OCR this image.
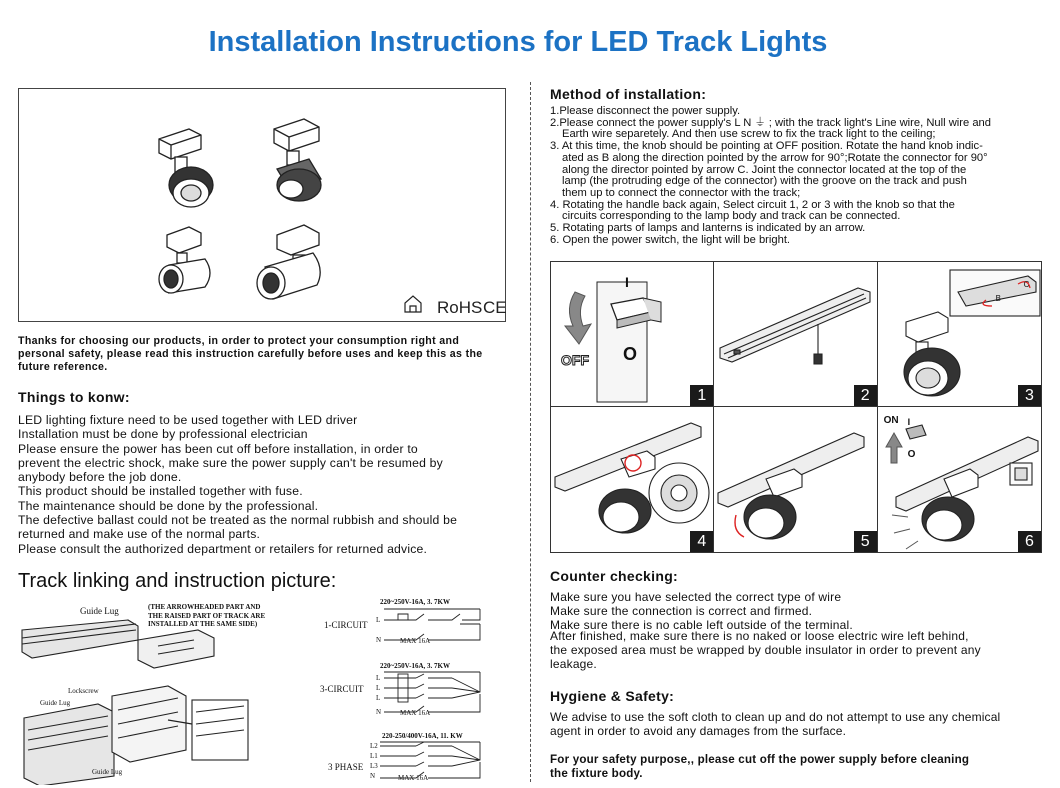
Installation Instructions for LED Track Lights
RoHS CE
Thanks for choosing our products, in order to protect your consumption right and personal safety, please read this instruction carefully before uses and keep this as the future reference.
Things to konw:
LED lighting fixture need to be used together with LED driver
Installation must be done by professional electrician
Please ensure the power has been cut off before installation, in order to
prevent the electric shock, make sure the power supply can't be resumed by
anybody before the job done.
This product should be installed together with fuse.
The maintenance should be done by the professional.
The defective ballast could not be treated as the normal rubbish and should be
returned and make use of the normal parts.
Please consult the authorized department or retailers for returned advice.
Track linking and instruction picture:
Guide Lug	(THE ARROWHEADED PART AND
THE RAISED PART OF TRACK ARE
INSTALLED AT THE SAME SIDE)
Lockscrew
Guide Lug
Guide Lug
220~250V-16A, 3. 7KW
1-CIRCUIT L
N	MAX 16A
220~250V-16A, 3. 7KW
3-CIRCUIT
L
L
L
N	MAX 16A
220-250/400V-16A, 11. KW
3 PHASE
L2
L1
L3
N	MAX 16A
Method of installation:
1.Please disconnect the power supply.
2.Please connect the power supply's L N ⏚ ; with the track light's Line wire, Null wire and
Earth wire separetely. And then use screw to fix the track light to the ceiling;
3. At this time, the knob should be pointing at OFF position. Rotate the hand knob indic-
ated as B along the direction pointed by the arrow for 90°;Rotate the connector for 90°
along the director pointed by arrow C. Joint the connector located at the top of the
lamp (the protruding edge of the connector) with the groove on the track and push
them up to connect the connector with the track;
4. Rotating the handle back again, Select circuit 1, 2 or 3 with the knob so that the
circuits corresponding to the lamp body and track can be connected.
5. Rotating parts of lamps and lanterns is indicated by an arrow.
6. Open the power switch, the light will be bright.
I
OFF O
1	2
C
B
3
4	5
ON I
O
6
Counter checking:
Make sure you have selected the correct type of wire
Make sure the connection is correct and firmed.
Make sure there is no cable left outside of the terminal.
After finished, make sure there is no naked or loose electric wire left behind,
the exposed area must be wrapped by double insulator in order to prevent any
leakage.
Hygiene & Safety:
We advise to use the soft cloth to clean up and do not attempt to use any chemical
agent in order to avoid any damages from the surface.
For your safety purpose,, please cut off the power supply before cleaning
the fixture body.
